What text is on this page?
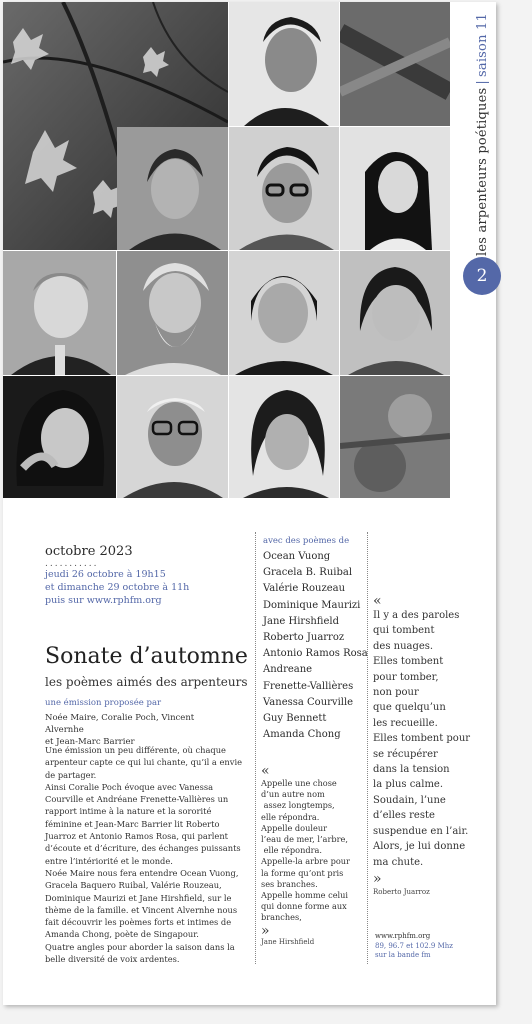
les arpenteurs poétiques|saison 11
2
octobre 2023
...........
jeudi 26 octobre à 19h15
et dimanche 29 octobre à 11h
puis sur www.rphfm.org
Sonate d’automne
les poèmes aimés des arpenteurs
une émission proposée par
Noée Maire, Coralie Poch, Vincent Alvernhe
et Jean-Marc Barrier

Une émission un peu différente, où chaque arpenteur capte ce qui lui chante, qu’il a envie de partager.

Ainsi Coralie Poch évoque avec Vanessa Courville et Andréane Frenette-Vallières un rapport intime à la nature et la sororité féminine et Jean-Marc Barrier lit Roberto Juarroz et Antonio Ramos Rosa, qui parlent d’écoute et d’écriture, des échanges puissants entre l’intériorité et le monde.

Noée Maire nous fera entendre Ocean Vuong, Gracela Baquero Ruibal, Valérie Rouzeau, Dominique Maurizi et Jane Hirshfield, sur le thème de la famille. et Vincent Alvernhe nous fait découvrir les poèmes forts et intimes de Amanda Chong, poète de Singapour.

Quatre angles pour aborder la saison dans la belle diversité de voix ardentes.

avec des poèmes de
Ocean Vuong
Gracela B. Ruibal
Valérie Rouzeau
Dominique Maurizi
Jane Hirshfield
Roberto Juarroz
Antonio Ramos Rosa
Andreane
Frenette-Vallières
Vanessa Courville
Guy Bennett
Amanda Chong
«
Appelle une chose
d’un autre nom
assez longtemps,
elle répondra.
Appelle douleur
l’eau de mer, l’arbre,
elle répondra.
Appelle-la arbre pour
la forme qu’ont pris
ses branches.
Appelle homme celui
qui donne forme aux
branches,
»
Jane Hirshfield
«
Il y a des paroles
qui tombent
des nuages.
Elles tombent
pour tomber,
non pour
que quelqu’un
les recueille.
Elles tombent pour
se récupérer
dans la tension
la plus calme.
Soudain, l’une
d’elles reste
suspendue en l’air.
Alors, je lui donne
ma chute.
»
Roberto Juarroz
www.rphfm.org
89, 96.7 et 102.9 Mhz
sur la bande fm
